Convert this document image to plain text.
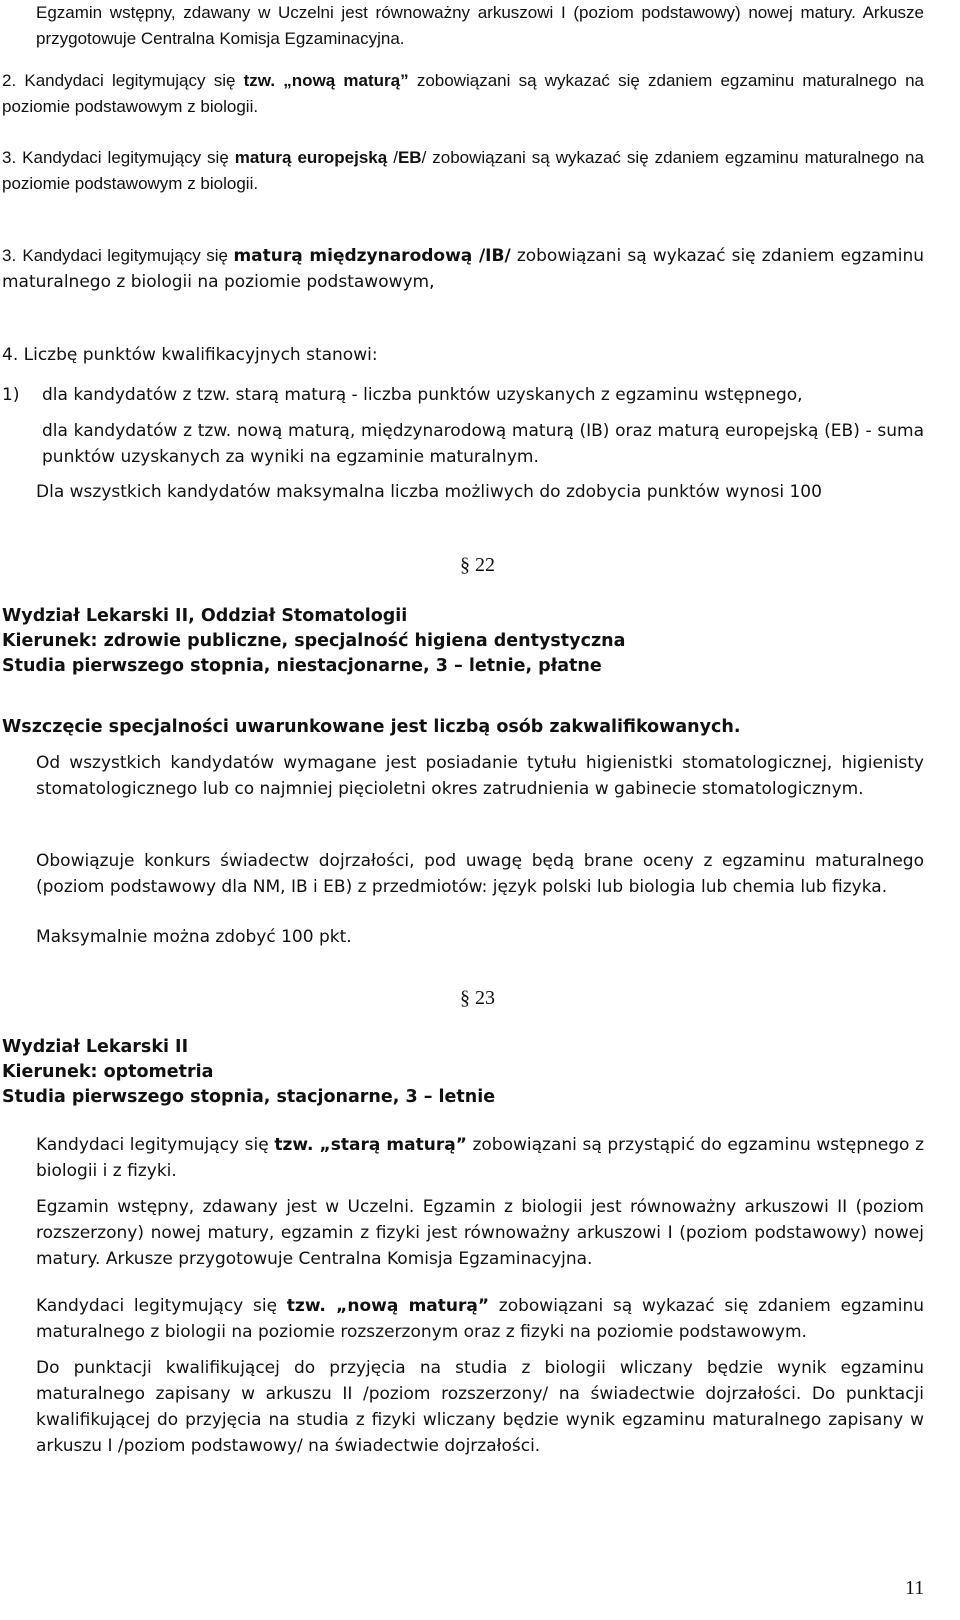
Egzamin wstępny, zdawany w Uczelni jest równoważny arkuszowi I (poziom podstawowy) nowej matury. Arkusze przygotowuje Centralna Komisja Egzaminacyjna.

2. Kandydaci legitymujący się tzw. „nową maturą” zobowiązani są wykazać się zdaniem egzaminu maturalnego na poziomie podstawowym z biologii.

3. Kandydaci legitymujący się maturą europejską /EB/ zobowiązani są wykazać się zdaniem egzaminu maturalnego na poziomie podstawowym z biologii.

3. Kandydaci legitymujący się maturą międzynarodową /IB/ zobowiązani są wykazać się zdaniem egzaminu maturalnego z biologii na poziomie podstawowym,

4. Liczbę punktów kwalifikacyjnych stanowi:

1) dla kandydatów z tzw. starą maturą - liczba punktów uzyskanych z egzaminu wstępnego,

dla kandydatów z tzw. nową maturą, międzynarodową maturą (IB) oraz maturą europejską (EB) - suma punktów uzyskanych za wyniki na egzaminie maturalnym.

Dla wszystkich kandydatów maksymalna liczba możliwych do zdobycia punktów wynosi 100

§ 22

Wydział Lekarski II, Oddział Stomatologii

Kierunek: zdrowie publiczne, specjalność higiena dentystyczna

Studia pierwszego stopnia, niestacjonarne, 3 – letnie, płatne

Wszczęcie specjalności uwarunkowane jest liczbą osób zakwalifikowanych.

Od wszystkich kandydatów wymagane jest posiadanie tytułu higienistki stomatologicznej, higienisty stomatologicznego lub co najmniej pięcioletni okres zatrudnienia w gabinecie stomatologicznym.

Obowiązuje konkurs świadectw dojrzałości, pod uwagę będą brane oceny z egzaminu maturalnego (poziom podstawowy dla NM, IB i EB) z przedmiotów: język polski lub biologia lub chemia lub fizyka.

Maksymalnie można zdobyć 100 pkt.

§ 23

Wydział Lekarski II

Kierunek: optometria

Studia pierwszego stopnia, stacjonarne, 3 – letnie

Kandydaci legitymujący się tzw. „starą maturą” zobowiązani są przystąpić do egzaminu wstępnego z biologii i z fizyki.

Egzamin wstępny, zdawany jest w Uczelni. Egzamin z biologii jest równoważny arkuszowi II (poziom rozszerzony) nowej matury, egzamin z fizyki jest równoważny arkuszowi I (poziom podstawowy) nowej matury. Arkusze przygotowuje Centralna Komisja Egzaminacyjna.

Kandydaci legitymujący się tzw. „nową maturą” zobowiązani są wykazać się zdaniem egzaminu maturalnego z biologii na poziomie rozszerzonym oraz z fizyki na poziomie podstawowym.

Do punktacji kwalifikującej do przyjęcia na studia z biologii wliczany będzie wynik egzaminu maturalnego zapisany w arkuszu II /poziom rozszerzony/ na świadectwie dojrzałości. Do punktacji kwalifikującej do przyjęcia na studia z fizyki wliczany będzie wynik egzaminu maturalnego zapisany w arkuszu I /poziom podstawowy/ na świadectwie dojrzałości.

11
